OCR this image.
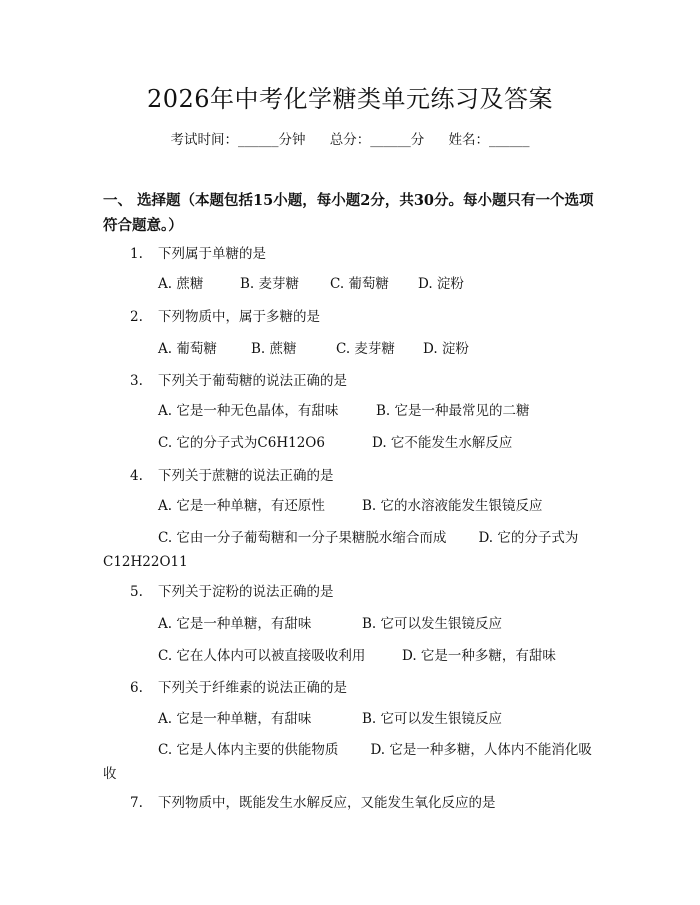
2026年中考化学糖类单元练习及答案
考试时间：______分钟 总分：______分 姓名：______
一、 选择题（本题包括15小题，每小题2分，共30分。每小题只有一个选项符合题意。）
1. 下列属于单糖的是
A. 蔗糖	B. 麦芽糖 C. 葡萄糖 D. 淀粉
2. 下列物质中，属于多糖的是
A. 葡萄糖	B. 蔗糖	C. 麦芽糖 D. 淀粉
3. 下列关于葡萄糖的说法正确的是
A. 它是一种无色晶体，有甜味	B. 它是一种最常见的二糖
C. 它的分子式为C6H12O6	D. 它不能发生水解反应
4. 下列关于蔗糖的说法正确的是
A. 它是一种单糖，有还原性	B. 它的水溶液能发生银镜反应
C. 它由一分子葡萄糖和一分子果糖脱水缩合而成 D. 它的分子式为C12H22O11
5. 下列关于淀粉的说法正确的是
A. 它是一种单糖，有甜味	B. 它可以发生银镜反应
C. 它在人体内可以被直接吸收利用	D. 它是一种多糖，有甜味
6. 下列关于纤维素的说法正确的是
A. 它是一种单糖，有甜味	B. 它可以发生银镜反应
C. 它是人体内主要的供能物质 D. 它是一种多糖，人体内不能消化吸收
7. 下列物质中，既能发生水解反应，又能发生氧化反应的是
